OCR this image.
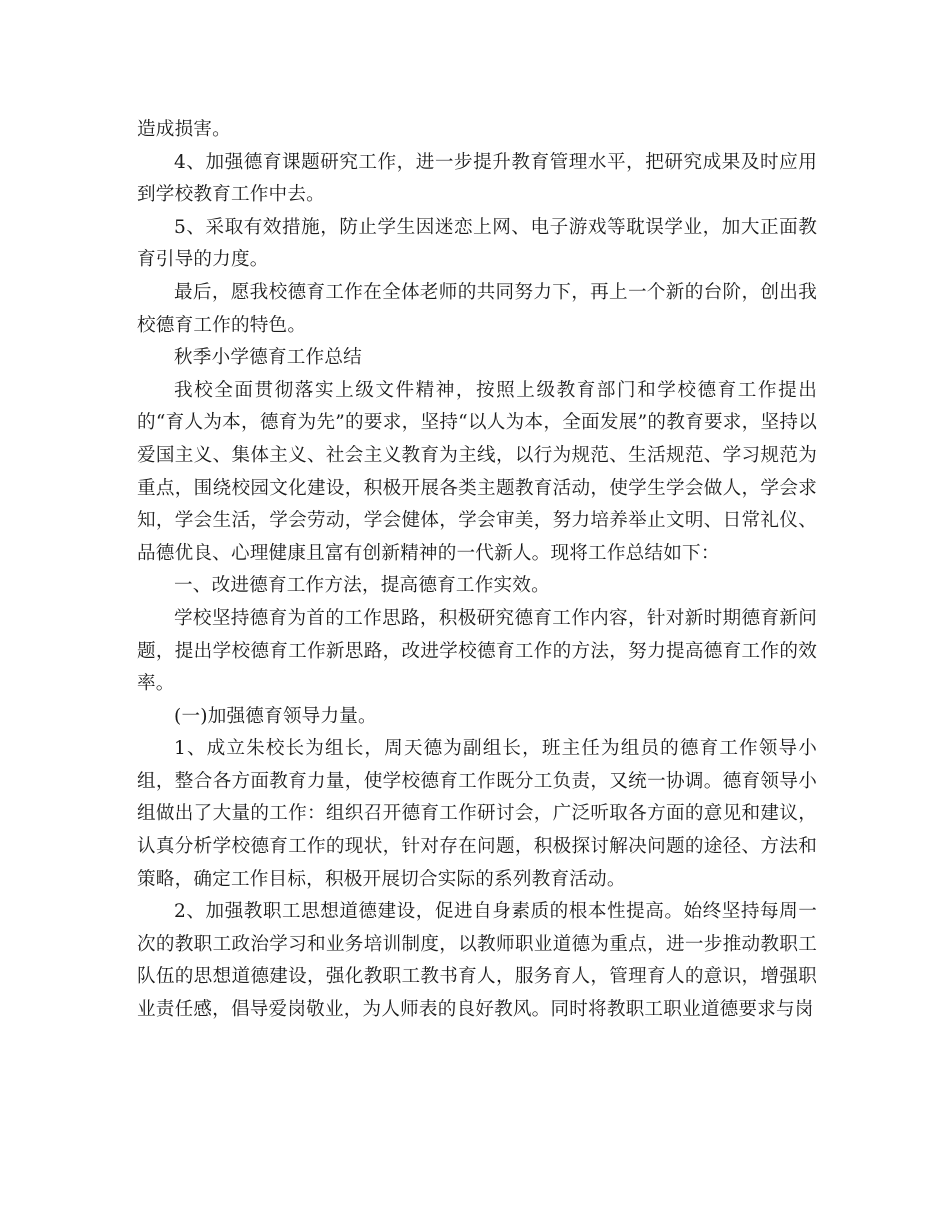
造成损害。

4、加强德育课题研究工作，进一步提升教育管理水平，把研究成果及时应用到学校教育工作中去。

5、采取有效措施，防止学生因迷恋上网、电子游戏等耽误学业，加大正面教育引导的力度。

最后，愿我校德育工作在全体老师的共同努力下，再上一个新的台阶，创出我校德育工作的特色。

秋季小学德育工作总结

我校全面贯彻落实上级文件精神，按照上级教育部门和学校德育工作提出的“育人为本，德育为先”的要求，坚持“以人为本，全面发展”的教育要求，坚持以爱国主义、集体主义、社会主义教育为主线，以行为规范、生活规范、学习规范为重点，围绕校园文化建设，积极开展各类主题教育活动，使学生学会做人，学会求知，学会生活，学会劳动，学会健体，学会审美，努力培养举止文明、日常礼仪、品德优良、心理健康且富有创新精神的一代新人。现将工作总结如下：

一、改进德育工作方法，提高德育工作实效。

学校坚持德育为首的工作思路，积极研究德育工作内容，针对新时期德育新问题，提出学校德育工作新思路，改进学校德育工作的方法，努力提高德育工作的效率。

(一)加强德育领导力量。

1、成立朱校长为组长，周天德为副组长，班主任为组员的德育工作领导小组，整合各方面教育力量，使学校德育工作既分工负责，又统一协调。德育领导小组做出了大量的工作：组织召开德育工作研讨会，广泛听取各方面的意见和建议，认真分析学校德育工作的现状，针对存在问题，积极探讨解决问题的途径、方法和策略，确定工作目标，积极开展切合实际的系列教育活动。

2、加强教职工思想道德建设，促进自身素质的根本性提高。始终坚持每周一次的教职工政治学习和业务培训制度，以教师职业道德为重点，进一步推动教职工队伍的思想道德建设，强化教职工教书育人，服务育人，管理育人的意识，增强职业责任感，倡导爱岗敬业，为人师表的良好教风。同时将教职工职业道德要求与岗
